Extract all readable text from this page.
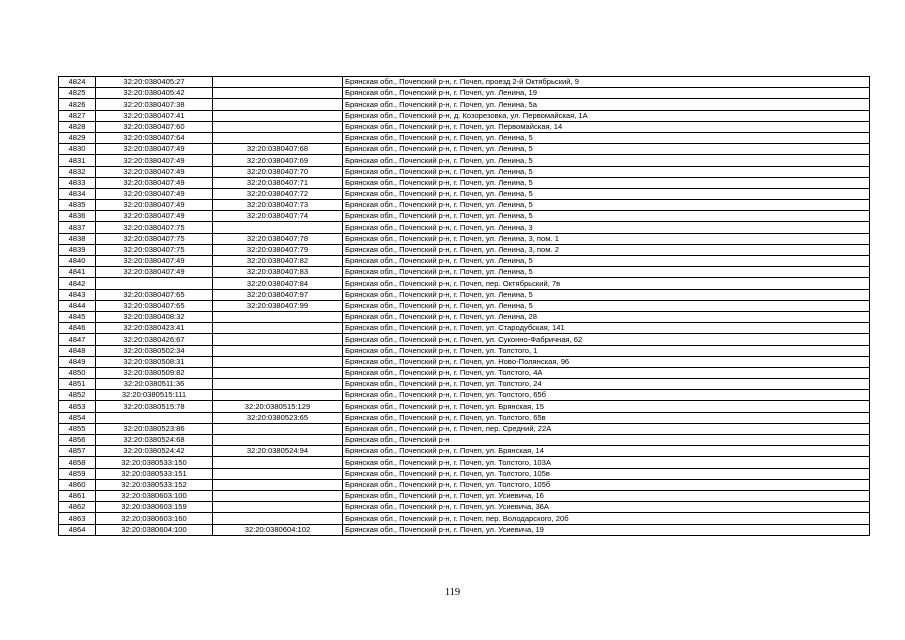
4824	32:20:0380405:27		Брянская обл., Почепский р-н, г. Почеп, проезд 2-й Октябрьский, 9
4825	32:20:0380405:42		Брянская обл., Почепский р-н, г. Почеп, ул. Ленина, 19
4826	32:20:0380407:38		Брянская обл., Почепский р-н, г. Почеп, ул. Ленина, 5а
4827	32:20:0380407:41		Брянская обл., Почепский р-н, д. Козорезовка, ул. Первомайская, 1А
4828	32:20:0380407:60		Брянская обл., Почепский р-н, г. Почеп, ул. Первомайская, 14
4829	32:20:0380407:64		Брянская обл., Почепский р-н, г. Почеп, ул. Ленина, 5
4830	32:20:0380407:49	32:20:0380407:68	Брянская обл., Почепский р-н, г. Почеп, ул. Ленина, 5
4831	32:20:0380407:49	32:20:0380407:69	Брянская обл., Почепский р-н, г. Почеп, ул. Ленина, 5
4832	32:20:0380407:49	32:20:0380407:70	Брянская обл., Почепский р-н, г. Почеп, ул. Ленина, 5
4833	32:20:0380407:49	32:20:0380407:71	Брянская обл., Почепский р-н, г. Почеп, ул. Ленина, 5
4834	32:20:0380407:49	32:20:0380407:72	Брянская обл., Почепский р-н, г. Почеп, ул. Ленина, 5
4835	32:20:0380407:49	32:20:0380407:73	Брянская обл., Почепский р-н, г. Почеп, ул. Ленина, 5
4836	32:20:0380407:49	32:20:0380407:74	Брянская обл., Почепский р-н, г. Почеп, ул. Ленина, 5
4837	32:20:0380407:75		Брянская обл., Почепский р-н, г. Почеп, ул. Ленина, 3
4838	32:20:0380407:75	32:20:0380407:78	Брянская обл., Почепский р-н, г. Почеп, ул. Ленина, 3, пом. 1
4839	32:20:0380407:75	32:20:0380407:79	Брянская обл., Почепский р-н, г. Почеп, ул. Ленина, 3, пом. 2
4840	32:20:0380407:49	32:20:0380407:82	Брянская обл., Почепский р-н, г. Почеп, ул. Ленина, 5
4841	32:20:0380407:49	32:20:0380407:83	Брянская обл., Почепский р-н, г. Почеп, ул. Ленина, 5
4842		32:20:0380407:84	Брянская обл., Почепский р-н, г. Почеп, пер. Октябрьский, 7в
4843	32:20:0380407:65	32:20:0380407:97	Брянская обл., Почепский р-н, г. Почеп, ул. Ленина, 5
4844	32:20:0380407:65	32:20:0380407:99	Брянская обл., Почепский р-н, г. Почеп, ул. Ленина, 5
4845	32:20:0380408:32		Брянская обл., Почепский р-н, г. Почеп, ул. Ленина, 28
4846	32:20:0380423:41		Брянская обл., Почепский р-н, г. Почеп, ул. Стародубская, 141
4847	32:20:0380426:67		Брянская обл., Почепский р-н, г. Почеп, ул. Суконно-Фабричная, 62
4848	32:20:0380502:34		Брянская обл., Почепский р-н, г. Почеп, ул. Толстого, 1
4849	32:20:0380508:31		Брянская обл., Почепский р-н, г. Почеп, ул. Ново-Полянская, 96
4850	32:20:0380509:82		Брянская обл., Почепский р-н, г. Почеп, ул. Толстого, 4А
4851	32:20:0380511:36		Брянская обл., Почепский р-н, г. Почеп, ул. Толстого, 24
4852	32:20:0380515:111		Брянская обл., Почепский р-н, г. Почеп, ул. Толстого, 65б
4853	32:20:0380515:78	32:20:0380515:129	Брянская обл., Почепский р-н, г. Почеп, ул. Брянская, 15
4854		32:20:0380523:65	Брянская обл., Почепский р-н, г. Почеп, ул. Толстого, 65в
4855	32:20:0380523:86		Брянская обл., Почепский р-н, г. Почеп, пер. Средний, 22А
4856	32:20:0380524:68		Брянская обл., Почепский р-н
4857	32:20:0380524:42	32:20:0380524:94	Брянская обл., Почепский р-н, г. Почеп, ул. Брянская, 14
4858	32:20:0380533:150		Брянская обл., Почепский р-н, г. Почеп, ул. Толстого, 103А
4859	32:20:0380533:151		Брянская обл., Почепский р-н, г. Почеп, ул. Толстого, 105в
4860	32:20:0380533:152		Брянская обл., Почепский р-н, г. Почеп, ул. Толстого, 105б
4861	32:20:0380603:100		Брянская обл., Почепский р-н, г. Почеп, ул. Усиевича, 16
4862	32:20:0380603:159		Брянская обл., Почепский р-н, г. Почеп, ул. Усиевича, 36А
4863	32:20:0380603:160		Брянская обл., Почепский р-н, г. Почеп, пер. Володарского, 20б
4864	32:20:0380604:100	32:20:0380604:102	Брянская обл., Почепский р-н, г. Почеп, ул. Усиевича, 19
119
